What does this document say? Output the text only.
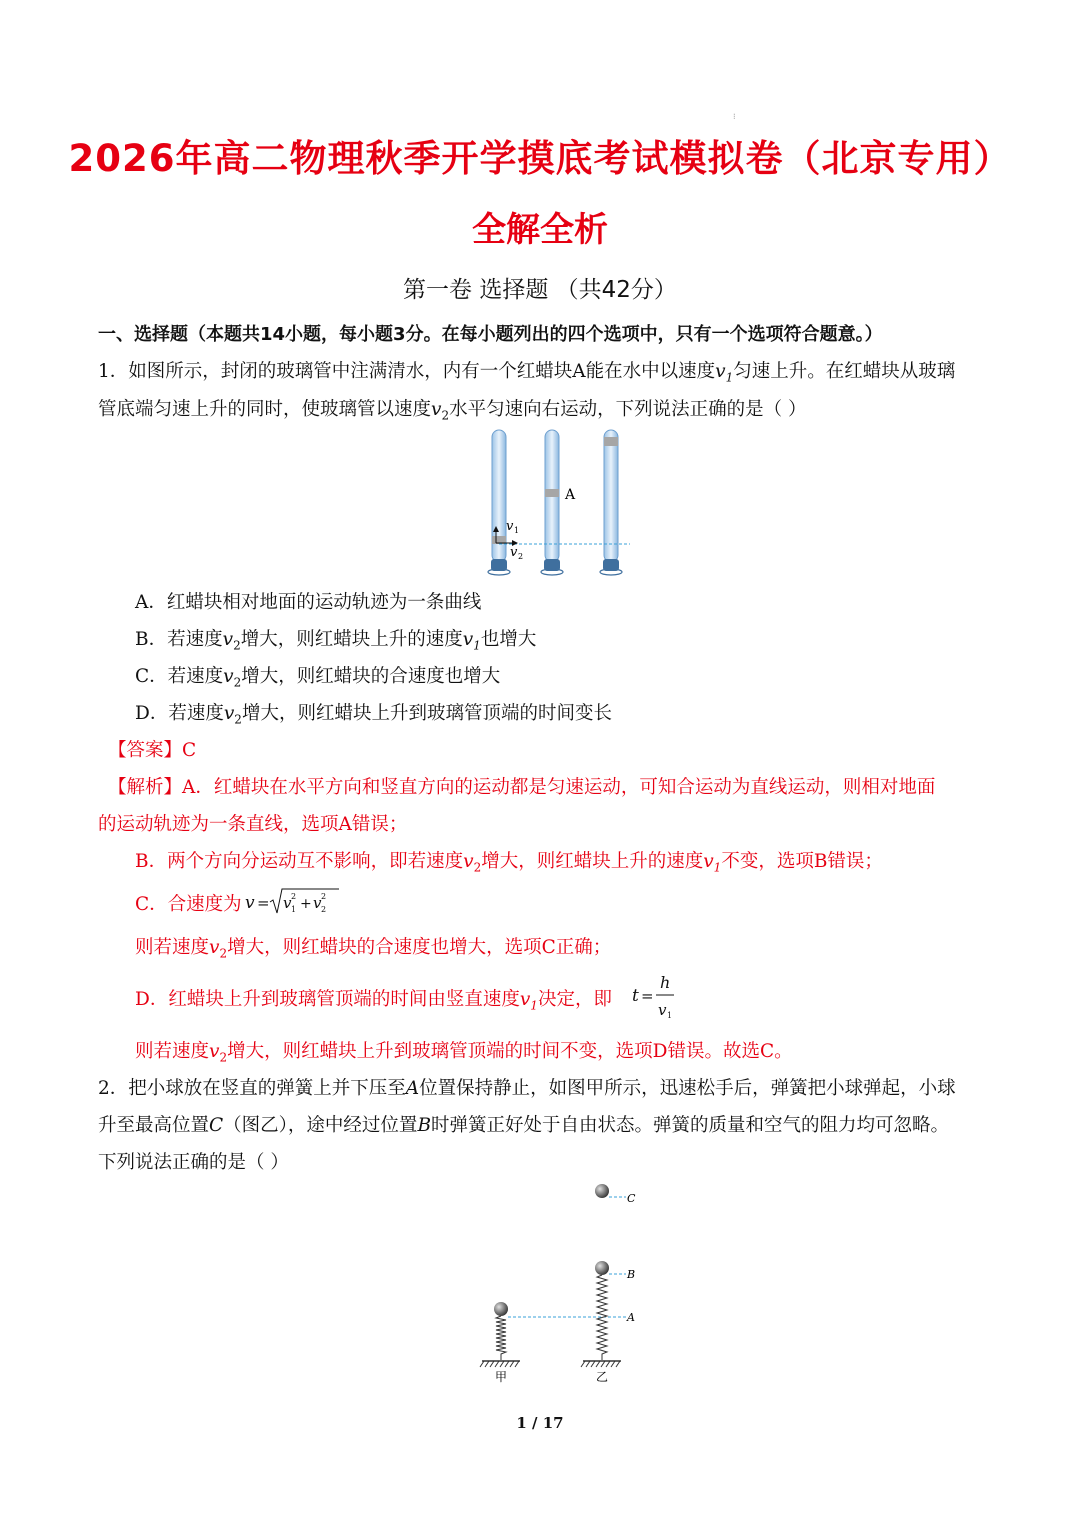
⁝
2026年高二物理秋季开学摸底考试模拟卷（北京专用）
全解全析
第一卷 选择题 （共42分）
一、选择题（本题共14小题，每小题3分。在每小题列出的四个选项中，只有一个选项符合题意。）
1．如图所示，封闭的玻璃管中注满清水，内有一个红蜡块A能在水中以速度$v_1$匀速上升。在红蜡块从玻璃
管底端匀速上升的同时，使玻璃管以速度$v_2$水平匀速向右运动，下列说法正确的是（ ）
v 1
v 2
A
A．红蜡块相对地面的运动轨迹为一条曲线
B．若速度$v_2$增大，则红蜡块上升的速度$v_1$也增大
C．若速度$v_2$增大，则红蜡块的合速度也增大
D．若速度$v_2$增大，则红蜡块上升到玻璃管顶端的时间变长
【答案】C
【解析】A．红蜡块在水平方向和竖直方向的运动都是匀速运动，可知合运动为直线运动，则相对地面
的运动轨迹为一条直线，选项A错误；
B．两个方向分运动互不影响，即若速度$v_2$增大，则红蜡块上升的速度$v_1$不变，选项B错误；
C．合速度为 v = v 2
1 + v 2
2
则若速度$v_2$增大，则红蜡块的合速度也增大，选项C正确；
D．红蜡块上升到玻璃管顶端的时间由竖直速度$v_1$决定，即 t =
h
v 1
则若速度$v_2$增大，则红蜡块上升到玻璃管顶端的时间不变，选项D错误。故选C。
2．把小球放在竖直的弹簧上并下压至A位置保持静止，如图甲所示，迅速松手后，弹簧把小球弹起，小球
升至最高位置C（图乙），途中经过位置B时弹簧正好处于自由状态。弹簧的质量和空气的阻力均可忽略。
下列说法正确的是（ ）
C
甲
A
B
乙
1 / 17
